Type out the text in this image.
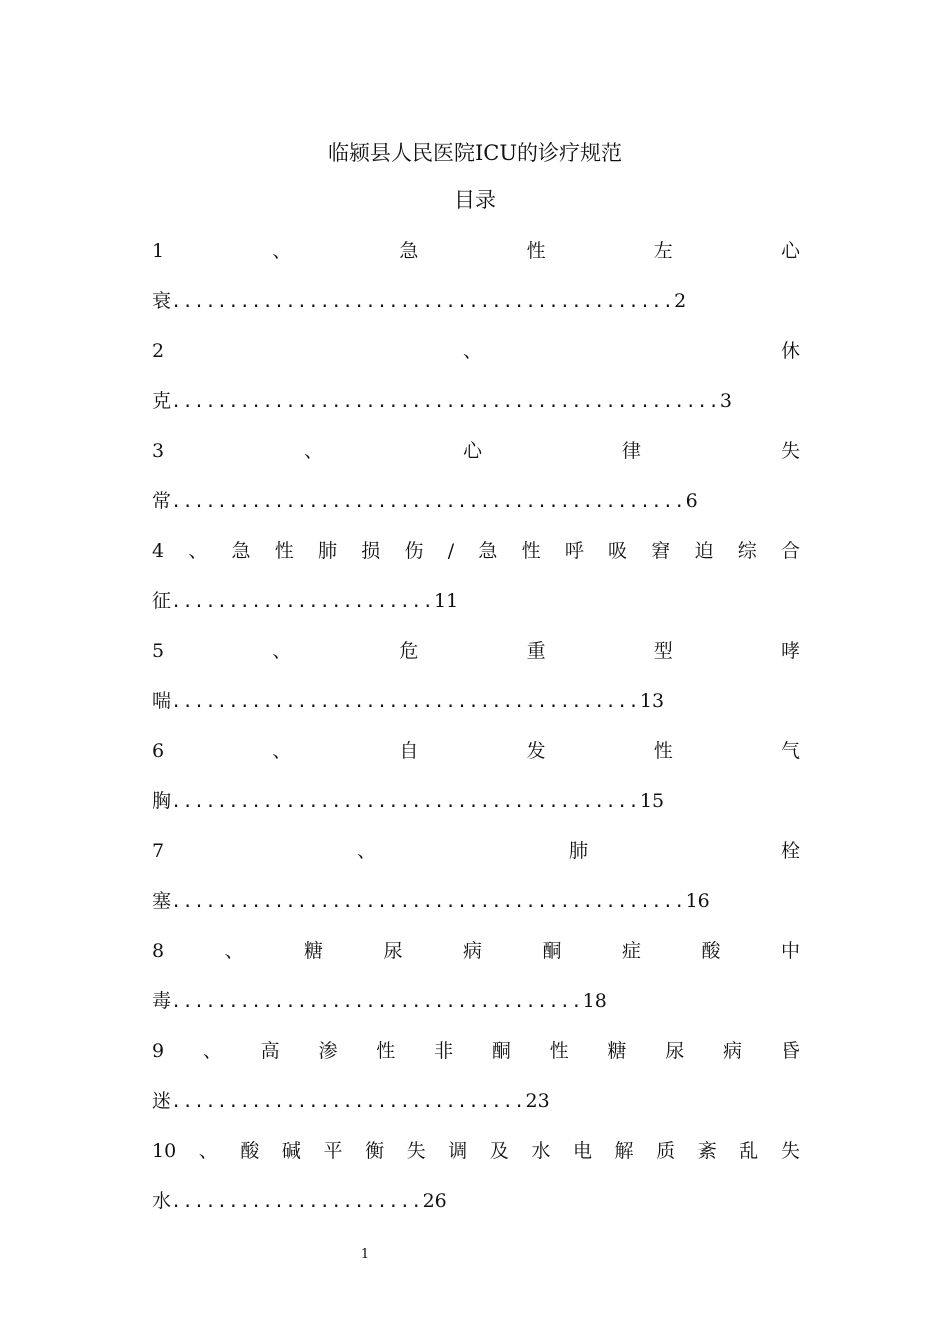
临颍县人民医院ICU的诊疗规范
目录
1	、	急	性	左	心
衰............................................2
2	、	休
克................................................3
3	、	心	律	失
常.............................................6
4 、 急 性 肺 损 伤 / 急 性 呼 吸 窘 迫 综 合
征.......................11
5	、	危	重	型	哮
喘.........................................13
6	、	自	发	性	气
胸.........................................15
7	、	肺	栓
塞.............................................16
8	、	糖	尿	病	酮	症	酸	中
毒....................................18
9 、 高 渗 性 非 酮 性 糖 尿 病 昏
迷...............................23
10 、 酸 碱 平 衡 失 调 及 水 电 解 质 紊 乱 失
水......................26
1
